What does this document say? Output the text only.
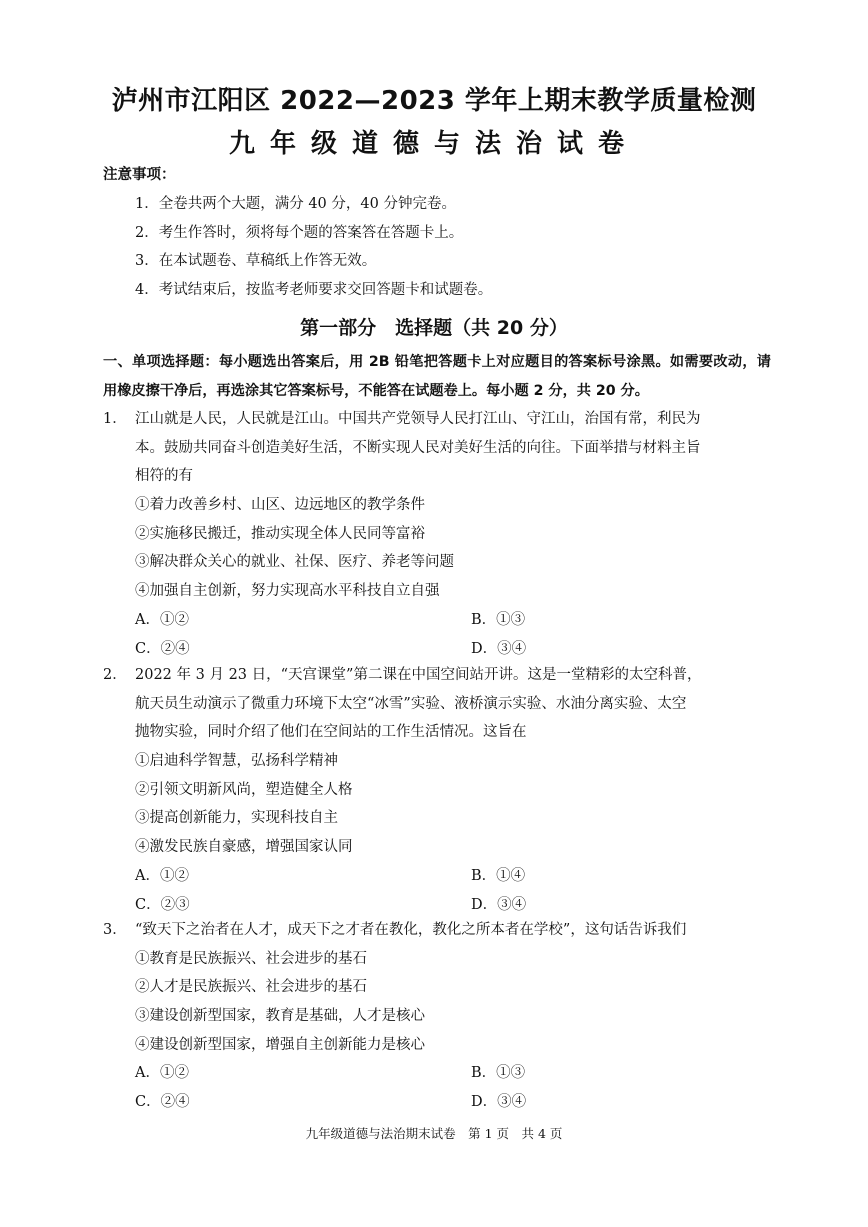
泸州市江阳区 2022—2023 学年上期末教学质量检测
九年级道德与法治试卷
注意事项：
1．全卷共两个大题，满分 40 分，40 分钟完卷。
2．考生作答时，须将每个题的答案答在答题卡上。
3．在本试题卷、草稿纸上作答无效。
4．考试结束后，按监考老师要求交回答题卡和试题卷。
第一部分　选择题（共 20 分）
一、单项选择题：每小题选出答案后，用 2B 铅笔把答题卡上对应题目的答案标号涂黑。如需要改动，请用橡皮擦干净后，再选涂其它答案标号，不能答在试题卷上。每小题 2 分，共 20 分。
1． 江山就是人民，人民就是江山。中国共产党领导人民打江山、守江山，治国有常，利民为
本。鼓励共同奋斗创造美好生活，不断实现人民对美好生活的向往。下面举措与材料主旨
相符的有
①着力改善乡村、山区、边远地区的教学条件
②实施移民搬迁，推动实现全体人民同等富裕
③解决群众关心的就业、社保、医疗、养老等问题
④加强自主创新，努力实现高水平科技自立自强
A．①②	B．①③
C．②④	D．③④
2． 2022 年 3 月 23 日，“天宫课堂”第二课在中国空间站开讲。这是一堂精彩的太空科普，
航天员生动演示了微重力环境下太空“冰雪”实验、液桥演示实验、水油分离实验、太空
抛物实验，同时介绍了他们在空间站的工作生活情况。这旨在
①启迪科学智慧，弘扬科学精神
②引领文明新风尚，塑造健全人格
③提高创新能力，实现科技自主
④激发民族自豪感，增强国家认同
A．①②	B．①④
C．②③	D．③④
3． “致天下之治者在人才，成天下之才者在教化，教化之所本者在学校”，这句话告诉我们
①教育是民族振兴、社会进步的基石
②人才是民族振兴、社会进步的基石
③建设创新型国家，教育是基础，人才是核心
④建设创新型国家，增强自主创新能力是核心
A．①②	B．①③
C．②④	D．③④
九年级道德与法治期末试卷　第 1 页　共 4 页
